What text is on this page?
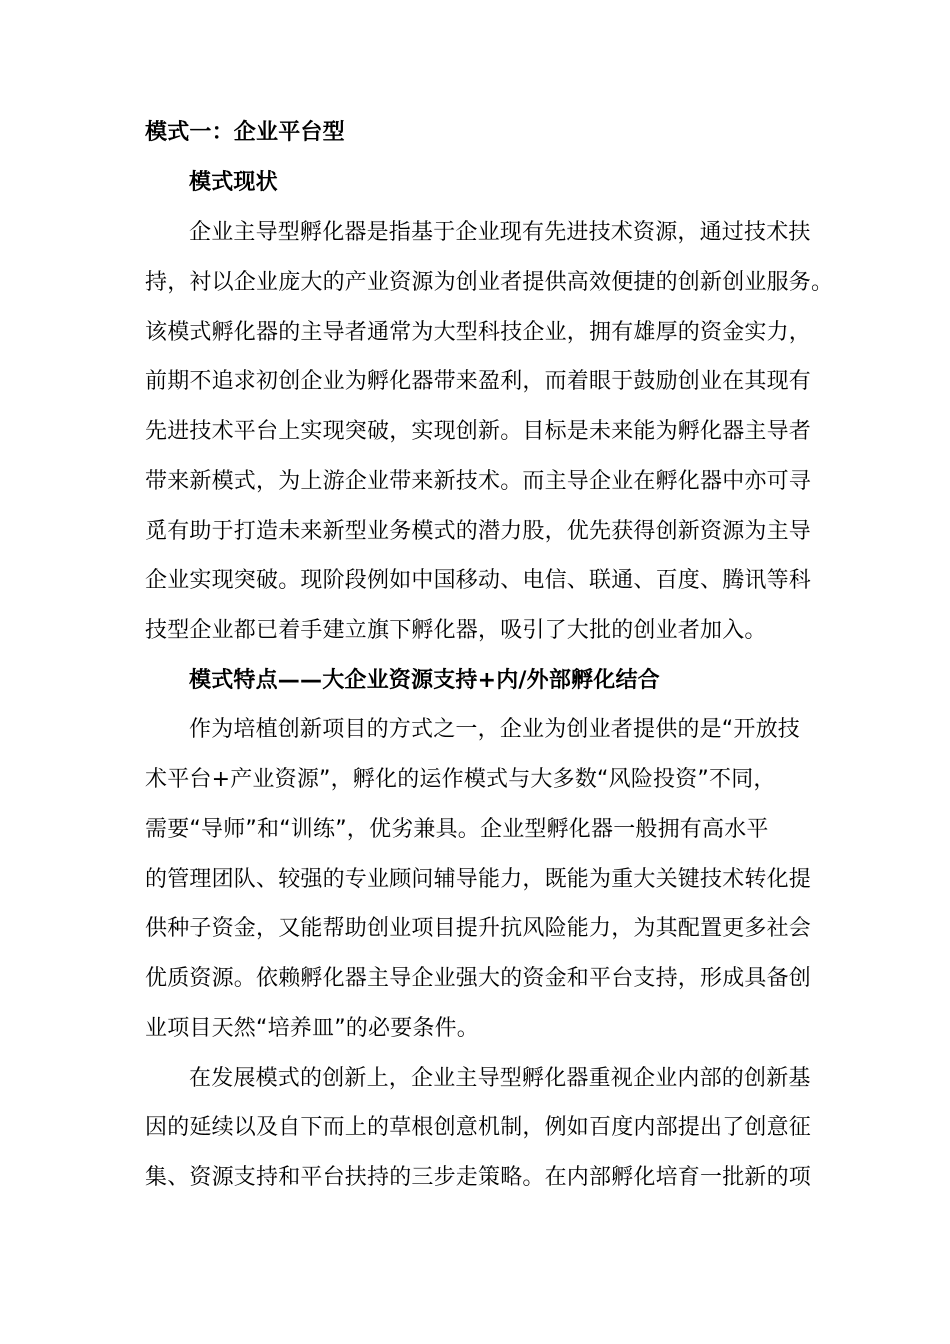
模式一：企业平台型
模式现状
企业主导型孵化器是指基于企业现有先进技术资源，通过技术扶
持，衬以企业庞大的产业资源为创业者提供高效便捷的创新创业服务。
该模式孵化器的主导者通常为大型科技企业，拥有雄厚的资金实力，
前期不追求初创企业为孵化器带来盈利，而着眼于鼓励创业在其现有
先进技术平台上实现突破，实现创新。目标是未来能为孵化器主导者
带来新模式，为上游企业带来新技术。而主导企业在孵化器中亦可寻
觅有助于打造未来新型业务模式的潜力股，优先获得创新资源为主导
企业实现突破。现阶段例如中国移动、电信、联通、百度、腾讯等科
技型企业都已着手建立旗下孵化器，吸引了大批的创业者加入。
模式特点——大企业资源支持+内/外部孵化结合
作为培植创新项目的方式之一，企业为创业者提供的是“开放技
术平台+产业资源”，孵化的运作模式与大多数“风险投资”不同，
需要“导师”和“训练”，优劣兼具。企业型孵化器一般拥有高水平
的管理团队、较强的专业顾问辅导能力，既能为重大关键技术转化提
供种子资金，又能帮助创业项目提升抗风险能力，为其配置更多社会
优质资源。依赖孵化器主导企业强大的资金和平台支持，形成具备创
业项目天然“培养皿”的必要条件。
在发展模式的创新上，企业主导型孵化器重视企业内部的创新基
因的延续以及自下而上的草根创意机制，例如百度内部提出了创意征
集、资源支持和平台扶持的三步走策略。在内部孵化培育一批新的项
